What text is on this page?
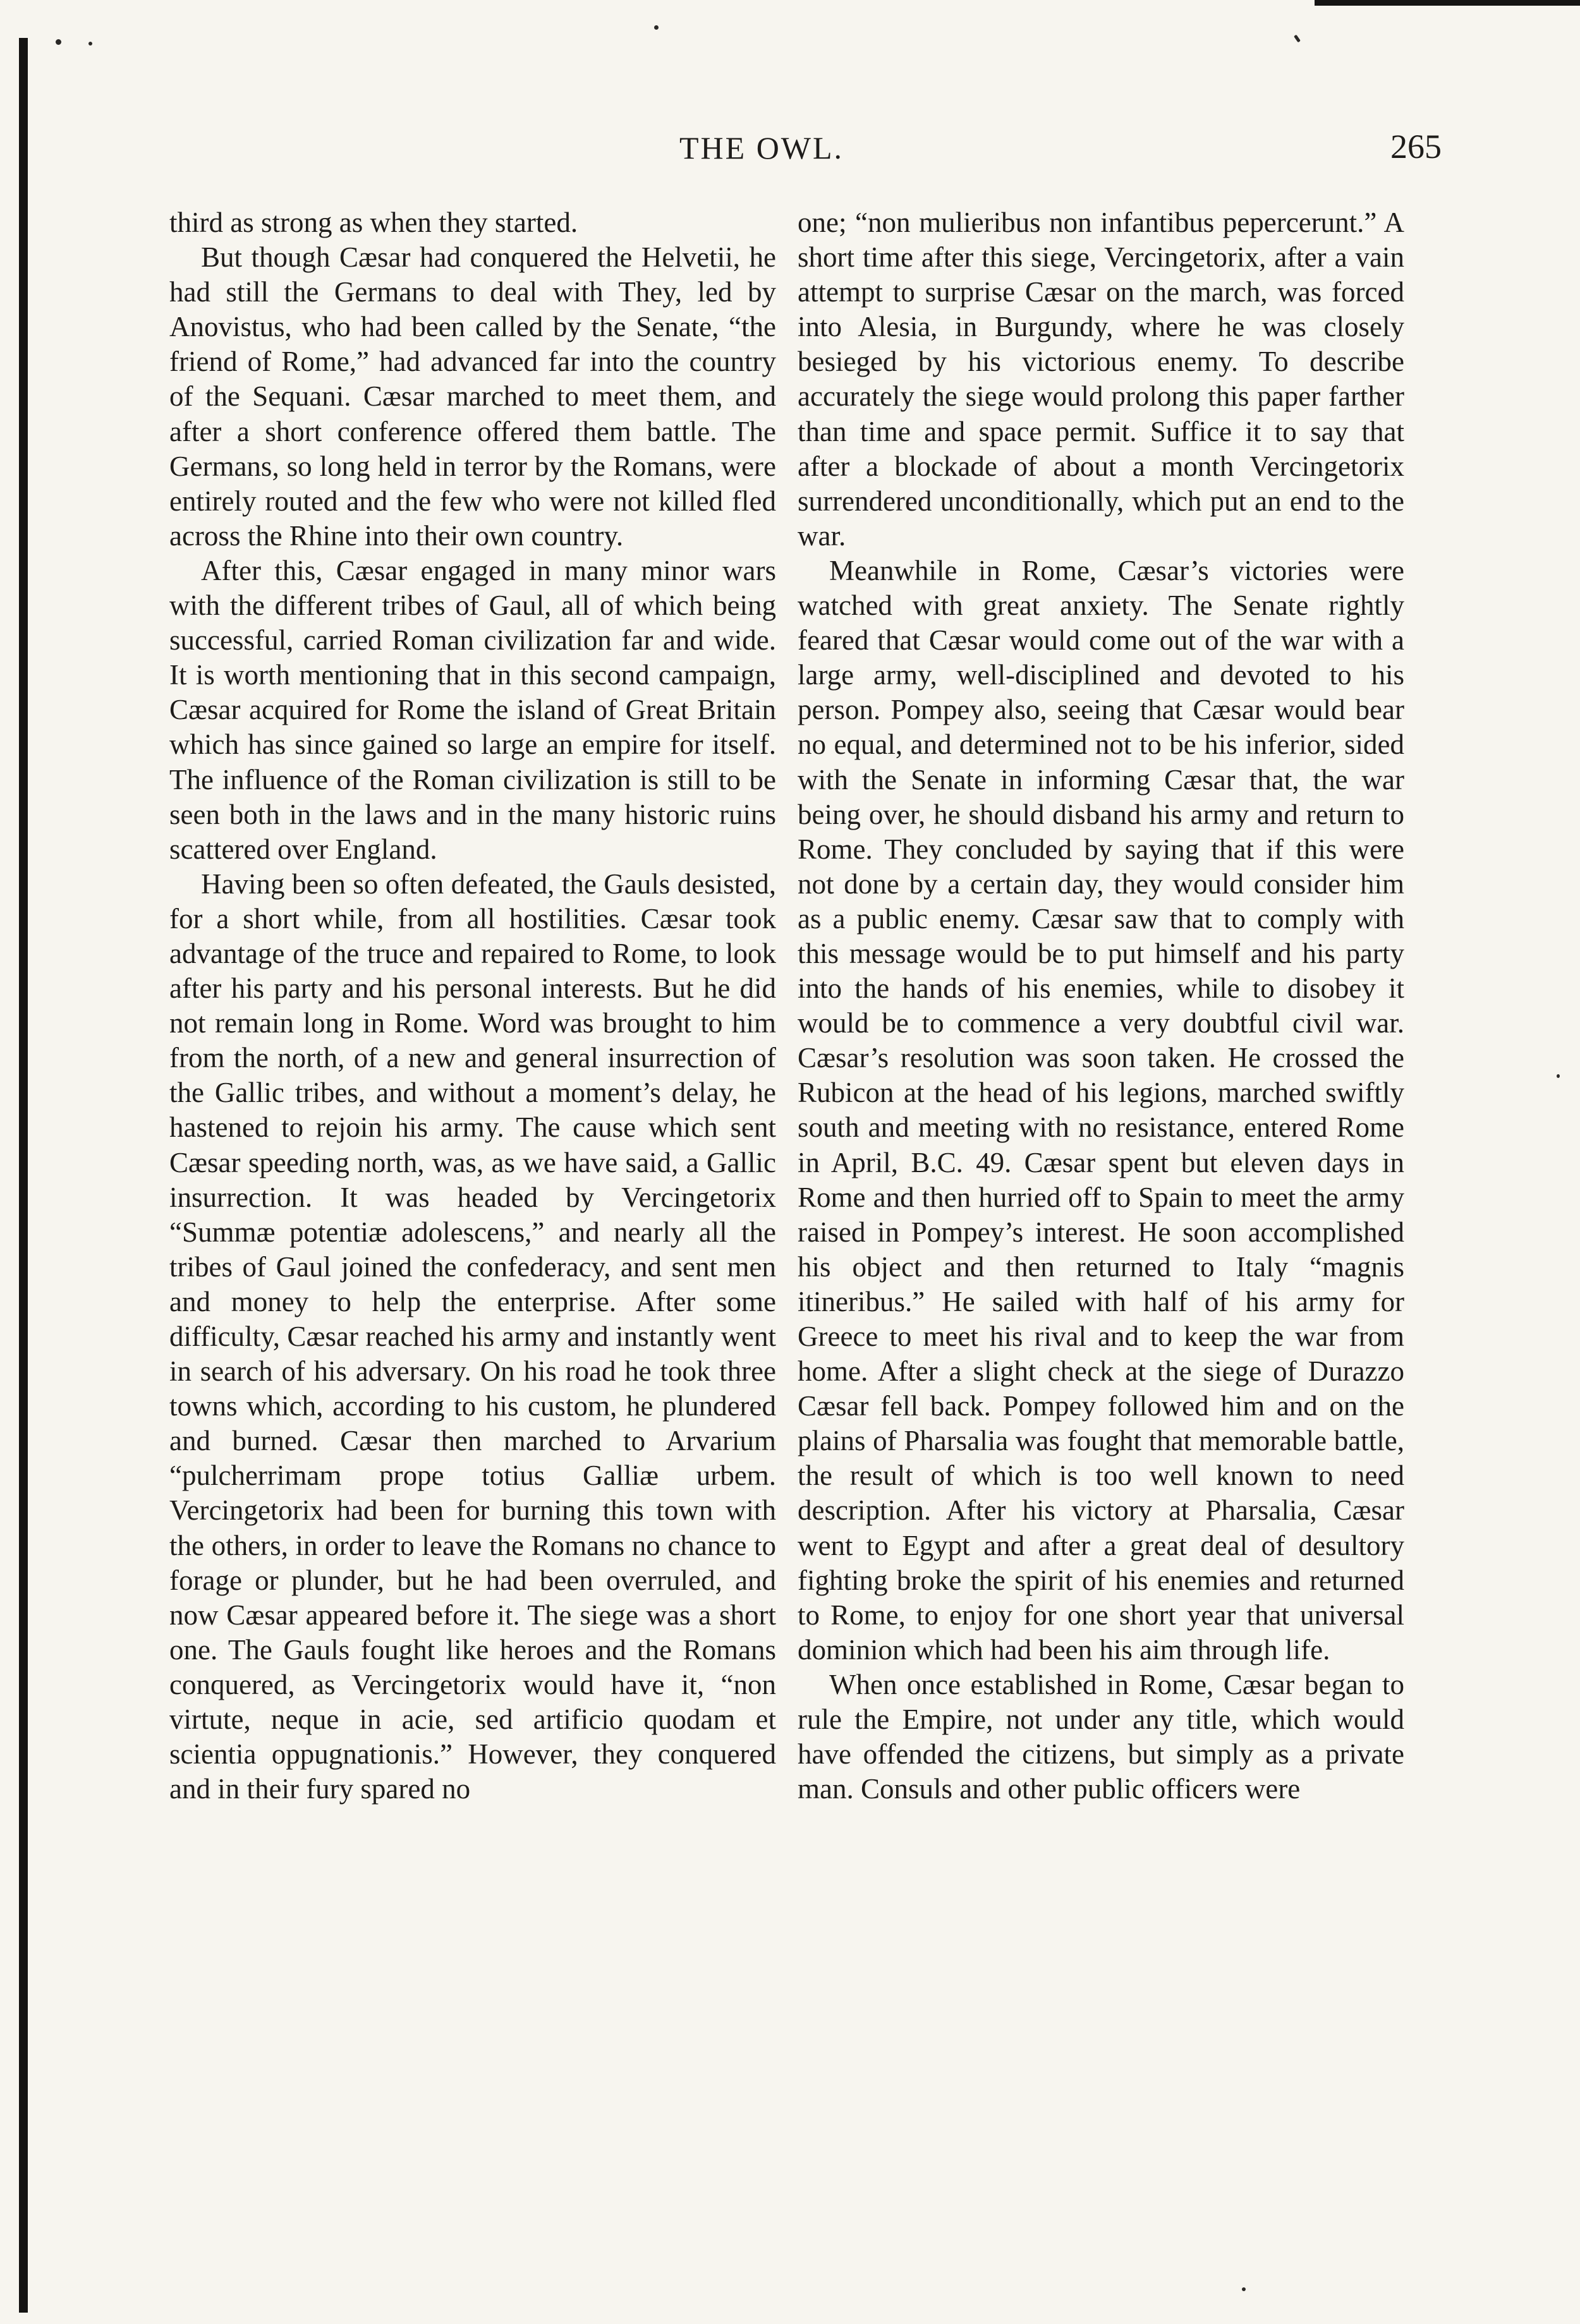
THE OWL.	265

third as strong as when they started.

But though Cæsar had conquered the Helvetii, he had still the Germans to deal with They, led by Anovistus, who had been called by the Senate, “the friend of Rome,” had advanced far into the country of the Sequani. Cæsar marched to meet them, and after a short conference offered them battle. The Germans, so long held in terror by the Romans, were entirely routed and the few who were not killed fled across the Rhine into their own country.

After this, Cæsar engaged in many minor wars with the different tribes of Gaul, all of which being successful, carried Roman civilization far and wide. It is worth mentioning that in this second campaign, Cæsar acquired for Rome the island of Great Britain which has since gained so large an empire for itself. The influence of the Roman civilization is still to be seen both in the laws and in the many historic ruins scattered over England.

Having been so often defeated, the Gauls desisted, for a short while, from all hostilities. Cæsar took advantage of the truce and repaired to Rome, to look after his party and his personal interests. But he did not remain long in Rome. Word was brought to him from the north, of a new and general insurrection of the Gallic tribes, and without a moment’s delay, he hastened to rejoin his army. The cause which sent Cæsar speeding north, was, as we have said, a Gallic insurrection. It was headed by Vercingetorix “Summæ potentiæ adolescens,” and nearly all the tribes of Gaul joined the confederacy, and sent men and money to help the enterprise. After some difficulty, Cæsar reached his army and instantly went in search of his adversary. On his road he took three towns which, according to his custom, he plundered and burned. Cæsar then marched to Arvarium “pulcherrimam prope totius Galliæ urbem. Vercingetorix had been for burning this town with the others, in order to leave the Romans no chance to forage or plunder, but he had been overruled, and now Cæsar appeared before it. The siege was a short one. The Gauls fought like heroes and the Romans conquered, as Vercingetorix would have it, “non virtute, neque in acie, sed artificio quodam et scientia oppugnationis.” However, they conquered and in their fury spared no

one; “non mulieribus non infantibus pepercerunt.” A short time after this siege, Vercingetorix, after a vain attempt to surprise Cæsar on the march, was forced into Alesia, in Burgundy, where he was closely besieged by his victorious enemy. To describe accurately the siege would prolong this paper farther than time and space permit. Suffice it to say that after a blockade of about a month Vercingetorix surrendered unconditionally, which put an end to the war.

Meanwhile in Rome, Cæsar’s victories were watched with great anxiety. The Senate rightly feared that Cæsar would come out of the war with a large army, well-disciplined and devoted to his person. Pompey also, seeing that Cæsar would bear no equal, and determined not to be his inferior, sided with the Senate in informing Cæsar that, the war being over, he should disband his army and return to Rome. They concluded by saying that if this were not done by a certain day, they would consider him as a public enemy. Cæsar saw that to comply with this message would be to put himself and his party into the hands of his enemies, while to disobey it would be to commence a very doubtful civil war. Cæsar’s resolution was soon taken. He crossed the Rubicon at the head of his legions, marched swiftly south and meeting with no resistance, entered Rome in April, B.C. 49. Cæsar spent but eleven days in Rome and then hurried off to Spain to meet the army raised in Pompey’s interest. He soon accomplished his object and then returned to Italy “magnis itineribus.” He sailed with half of his army for Greece to meet his rival and to keep the war from home. After a slight check at the siege of Durazzo Cæsar fell back. Pompey followed him and on the plains of Pharsalia was fought that memorable battle, the result of which is too well known to need description. After his victory at Pharsalia, Cæsar went to Egypt and after a great deal of desultory fighting broke the spirit of his enemies and returned to Rome, to enjoy for one short year that universal dominion which had been his aim through life.

When once established in Rome, Cæsar began to rule the Empire, not under any title, which would have offended the citizens, but simply as a private man. Consuls and other public officers were
